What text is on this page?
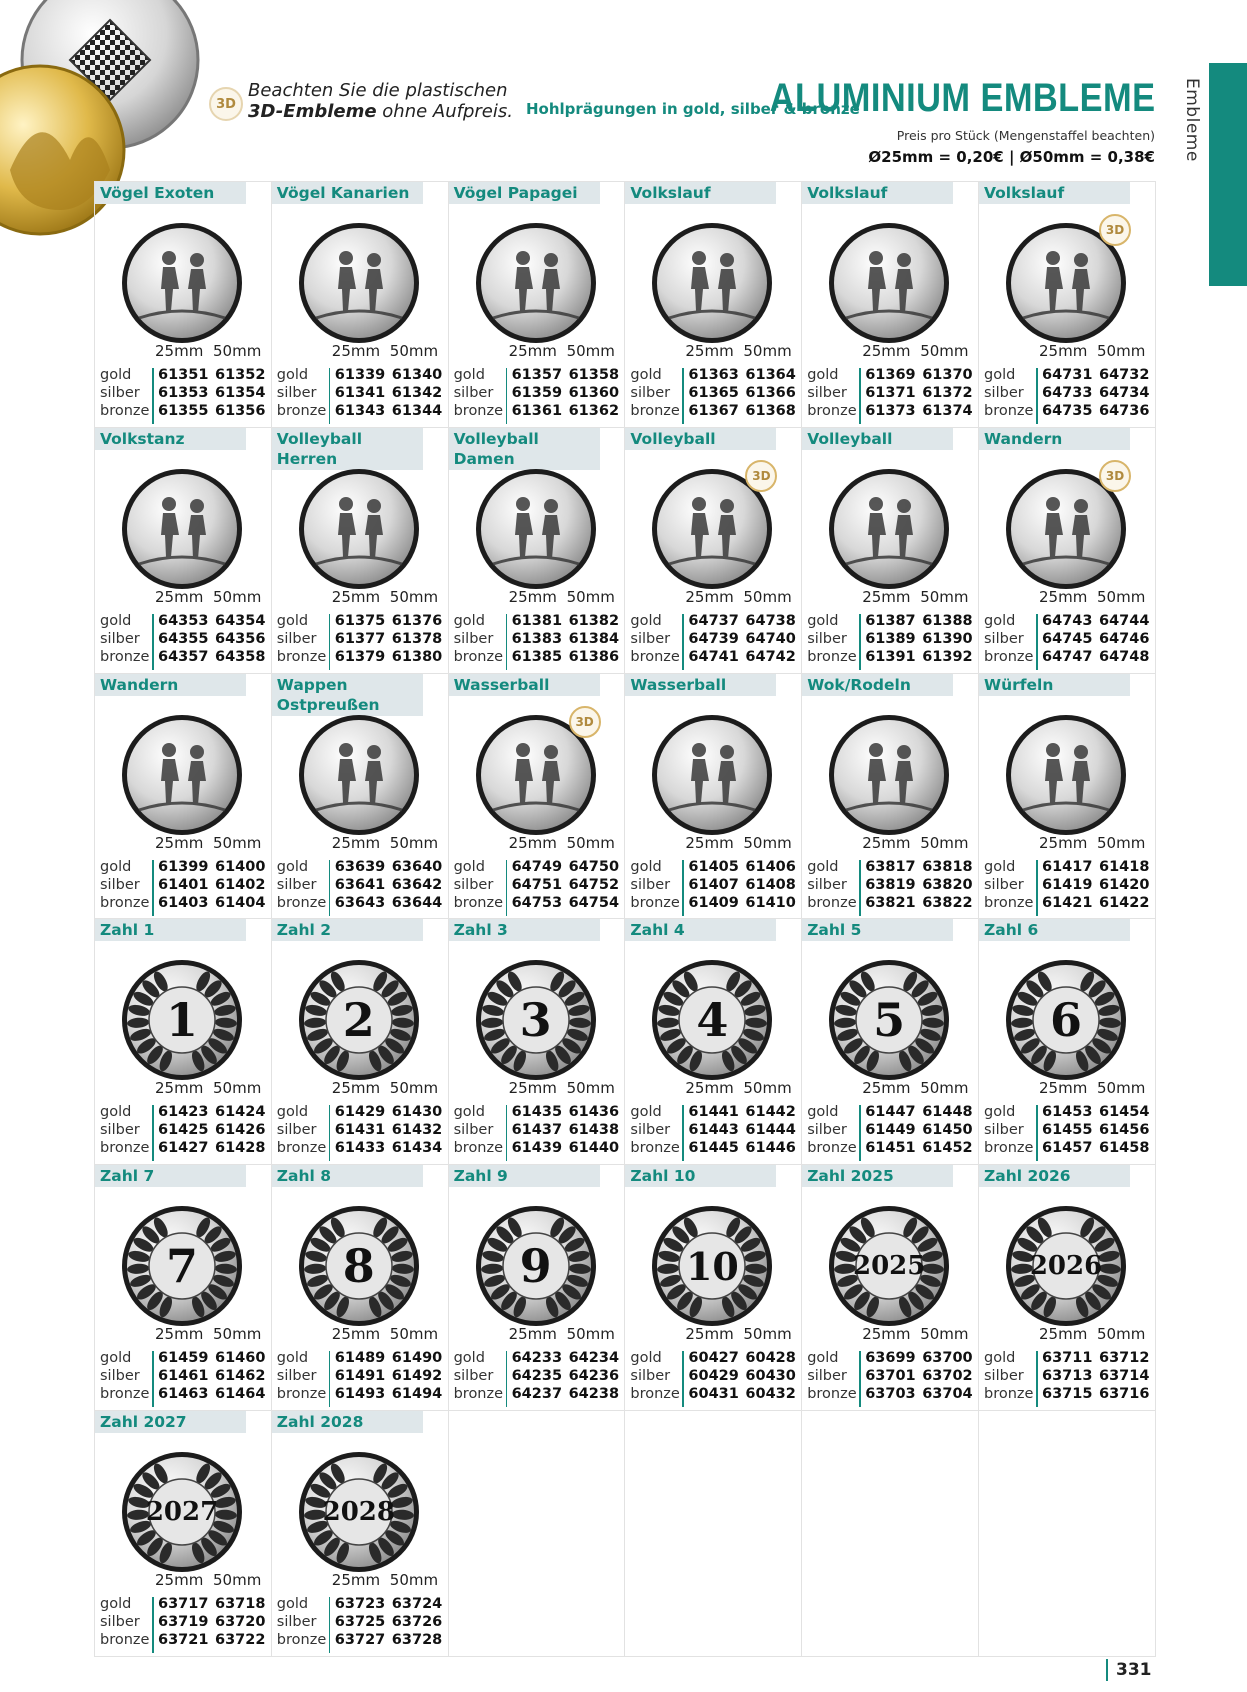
Embleme
3D
Beachten Sie die plastischen
3D-Embleme ohne Aufpreis. Hohlprägungen in gold, silber & bronze
ALUMINIUM EMBLEME
Preis pro Stück (Mengenstaffel beachten)
Ø25mm = 0,20€ | Ø50mm = 0,38€
Vögel Exoten
25mm 50mm
gold 61351 61352
silber 61353 61354
bronze 61355 61356
Vögel Kanarien
25mm 50mm
gold 61339 61340
silber 61341 61342
bronze 61343 61344
Vögel Papagei
25mm 50mm
gold 61357 61358
silber 61359 61360
bronze 61361 61362
Volkslauf
25mm 50mm
gold 61363 61364
silber 61365 61366
bronze 61367 61368
Volkslauf
25mm 50mm
gold 61369 61370
silber 61371 61372
bronze 61373 61374
Volkslauf
3D
25mm 50mm
gold 64731 64732
silber 64733 64734
bronze 64735 64736
Volkstanz
25mm 50mm
gold 64353 64354
silber 64355 64356
bronze 64357 64358
Volleyball Herren
25mm 50mm
gold 61375 61376
silber 61377 61378
bronze 61379 61380
Volleyball Damen
25mm 50mm
gold 61381 61382
silber 61383 61384
bronze 61385 61386
Volleyball
3D
25mm 50mm
gold 64737 64738
silber 64739 64740
bronze 64741 64742
Volleyball
25mm 50mm
gold 61387 61388
silber 61389 61390
bronze 61391 61392
Wandern
3D
25mm 50mm
gold 64743 64744
silber 64745 64746
bronze 64747 64748
Wandern
25mm 50mm
gold 61399 61400
silber 61401 61402
bronze 61403 61404
Wappen Ostpreußen
25mm 50mm
gold 63639 63640
silber 63641 63642
bronze 63643 63644
Wasserball
3D
25mm 50mm
gold 64749 64750
silber 64751 64752
bronze 64753 64754
Wasserball
25mm 50mm
gold 61405 61406
silber 61407 61408
bronze 61409 61410
Wok/Rodeln
25mm 50mm
gold 63817 63818
silber 63819 63820
bronze 63821 63822
Würfeln
25mm 50mm
gold 61417 61418
silber 61419 61420
bronze 61421 61422
Zahl 1
1
25mm 50mm
gold 61423 61424
silber 61425 61426
bronze 61427 61428
Zahl 2
2
25mm 50mm
gold 61429 61430
silber 61431 61432
bronze 61433 61434
Zahl 3
3
25mm 50mm
gold 61435 61436
silber 61437 61438
bronze 61439 61440
Zahl 4
4
25mm 50mm
gold 61441 61442
silber 61443 61444
bronze 61445 61446
Zahl 5
5
25mm 50mm
gold 61447 61448
silber 61449 61450
bronze 61451 61452
Zahl 6
6
25mm 50mm
gold 61453 61454
silber 61455 61456
bronze 61457 61458
Zahl 7
7
25mm 50mm
gold 61459 61460
silber 61461 61462
bronze 61463 61464
Zahl 8
8
25mm 50mm
gold 61489 61490
silber 61491 61492
bronze 61493 61494
Zahl 9
9
25mm 50mm
gold 64233 64234
silber 64235 64236
bronze 64237 64238
Zahl 10
10
25mm 50mm
gold 60427 60428
silber 60429 60430
bronze 60431 60432
Zahl 2025
2025
25mm 50mm
gold 63699 63700
silber 63701 63702
bronze 63703 63704
Zahl 2026
2026
25mm 50mm
gold 63711 63712
silber 63713 63714
bronze 63715 63716
Zahl 2027
2027
25mm 50mm
gold 63717 63718
silber 63719 63720
bronze 63721 63722
Zahl 2028
2028
25mm 50mm
gold 63723 63724
silber 63725 63726
bronze 63727 63728
331
